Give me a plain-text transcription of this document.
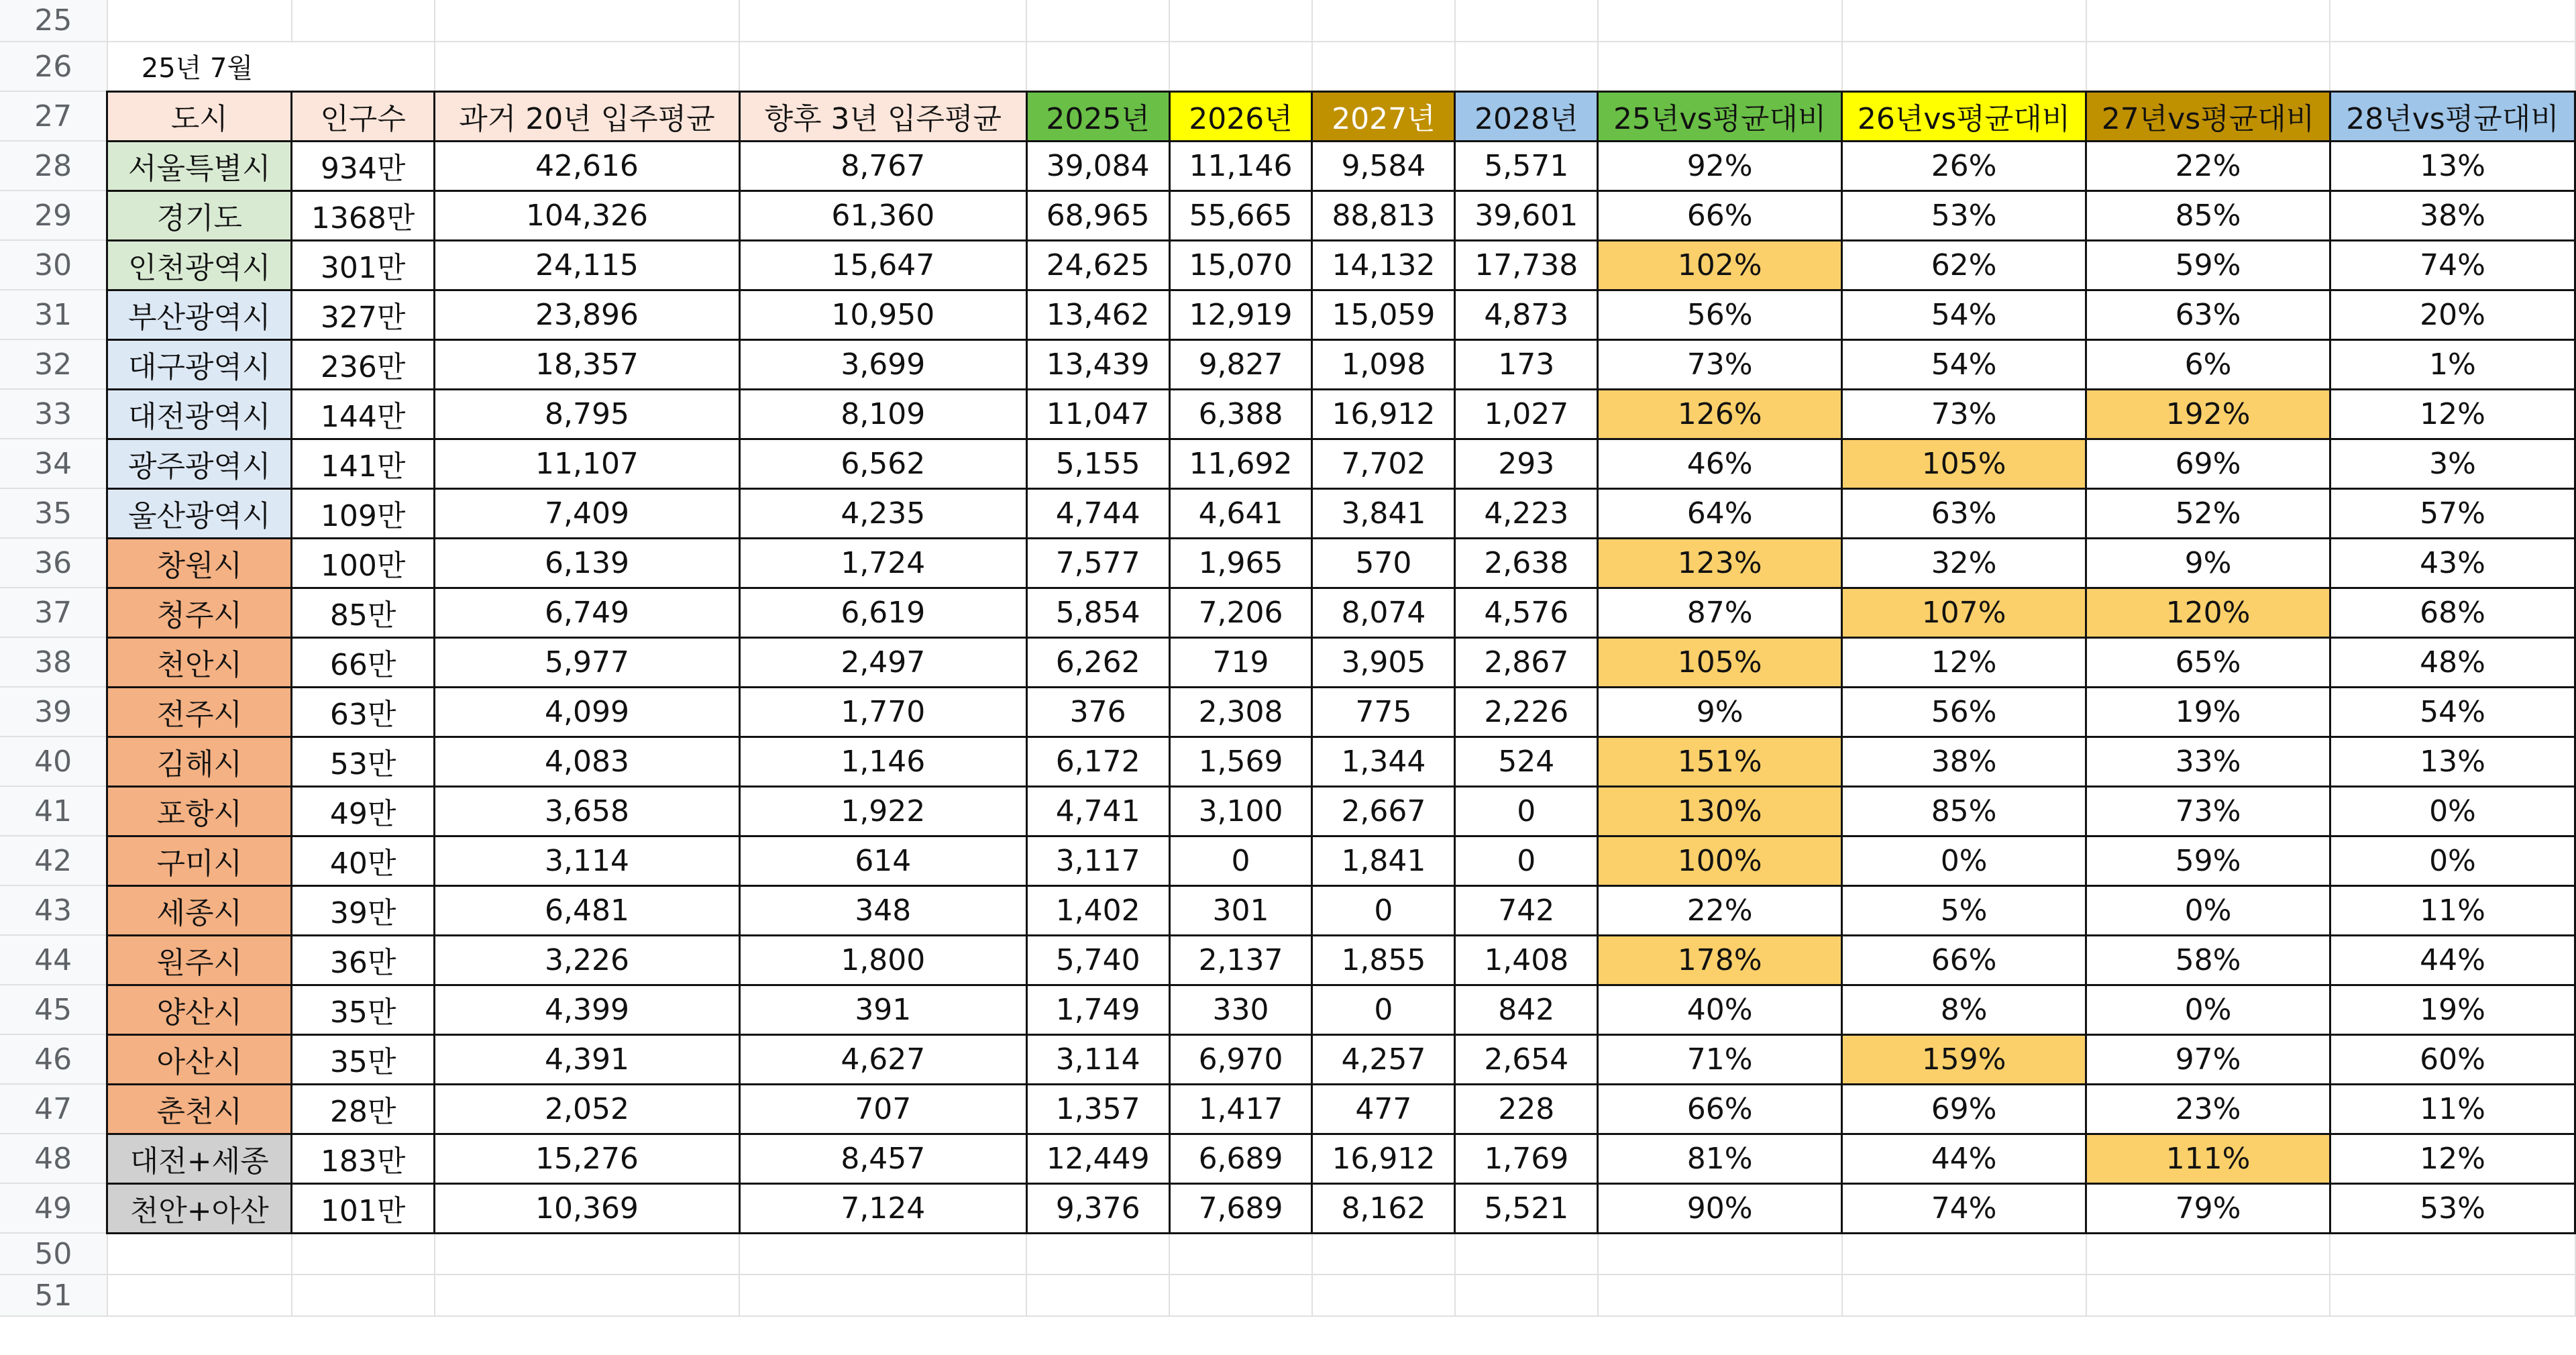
25												
26	25년 7월											
27	도시	인구수	과거 20년 입주평균	향후 3년 입주평균	2025년	2026년	2027년	2028년	25년vs평균대비	26년vs평균대비	27년vs평균대비	28년vs평균대비
28	서울특별시	934만	42,616	8,767	39,084	11,146	9,584	5,571	92%	26%	22%	13%
29	경기도	1368만	104,326	61,360	68,965	55,665	88,813	39,601	66%	53%	85%	38%
30	인천광역시	301만	24,115	15,647	24,625	15,070	14,132	17,738	102%	62%	59%	74%
31	부산광역시	327만	23,896	10,950	13,462	12,919	15,059	4,873	56%	54%	63%	20%
32	대구광역시	236만	18,357	3,699	13,439	9,827	1,098	173	73%	54%	6%	1%
33	대전광역시	144만	8,795	8,109	11,047	6,388	16,912	1,027	126%	73%	192%	12%
34	광주광역시	141만	11,107	6,562	5,155	11,692	7,702	293	46%	105%	69%	3%
35	울산광역시	109만	7,409	4,235	4,744	4,641	3,841	4,223	64%	63%	52%	57%
36	창원시	100만	6,139	1,724	7,577	1,965	570	2,638	123%	32%	9%	43%
37	청주시	85만	6,749	6,619	5,854	7,206	8,074	4,576	87%	107%	120%	68%
38	천안시	66만	5,977	2,497	6,262	719	3,905	2,867	105%	12%	65%	48%
39	전주시	63만	4,099	1,770	376	2,308	775	2,226	9%	56%	19%	54%
40	김해시	53만	4,083	1,146	6,172	1,569	1,344	524	151%	38%	33%	13%
41	포항시	49만	3,658	1,922	4,741	3,100	2,667	0	130%	85%	73%	0%
42	구미시	40만	3,114	614	3,117	0	1,841	0	100%	0%	59%	0%
43	세종시	39만	6,481	348	1,402	301	0	742	22%	5%	0%	11%
44	원주시	36만	3,226	1,800	5,740	2,137	1,855	1,408	178%	66%	58%	44%
45	양산시	35만	4,399	391	1,749	330	0	842	40%	8%	0%	19%
46	아산시	35만	4,391	4,627	3,114	6,970	4,257	2,654	71%	159%	97%	60%
47	춘천시	28만	2,052	707	1,357	1,417	477	228	66%	69%	23%	11%
48	대전+세종	183만	15,276	8,457	12,449	6,689	16,912	1,769	81%	44%	111%	12%
49	천안+아산	101만	10,369	7,124	9,376	7,689	8,162	5,521	90%	74%	79%	53%
50												
51												
